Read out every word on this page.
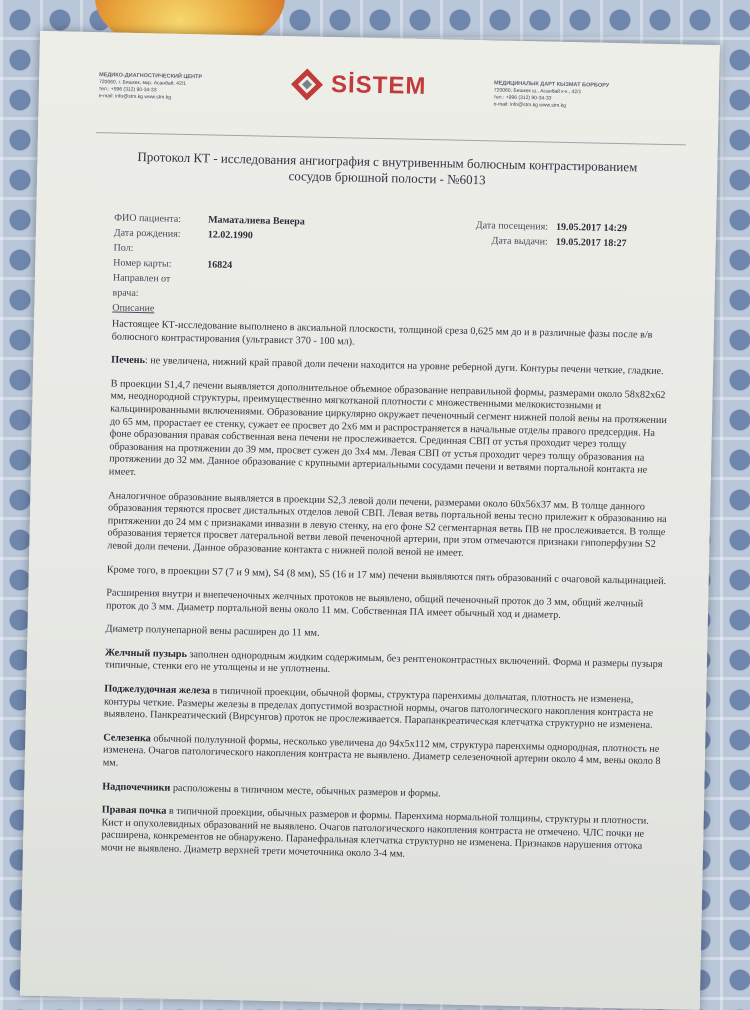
МЕДИКО-ДИАГНОСТИЧЕСКИЙ ЦЕНТР
720060, г. Бишкек, мкр. Асанбай, 42/1
тел.: +996 (312) 90-34-33
e-mail: info@stm.kg www.stm.kg	SİSTEM	МЕДИЦИНАЛЫК ДАРТ КЫЗМАТ БОРБОРУ
720060, Бишкек ш., Асанбай к-к., 42/1
тел.: +996 (312) 90-34-33
e-mail: info@stm.kg www.stm.kg
Протокол КТ - исследования ангиография с внутривенным болюсным контрастированием сосудов брюшной полости - №6013
ФИО пациента:	Маматалиева Венера	Дата посещения: 19.05.2017 14:29
Дата рождения:	12.02.1990	Дата выдачи: 19.05.2017 18:27
Пол:
Номер карты:	16824
Направлен от
врача:
Описание

Настоящее КТ-исследование выполнено в аксиальной плоскости, толщиной среза 0,625 мм до и в различные фазы после в/в болюсного контрастирования (ультравист 370 - 100 мл).

Печень: не увеличена, нижний край правой доли печени находится на уровне реберной дуги. Контуры печени четкие, гладкие.

В проекции S1,4,7 печени выявляется дополнительное объемное образование неправильной формы, размерами около 58х82х62 мм, неоднородной структуры, преимущественно мягкотканой плотности с множественными мелкокистозными и кальцинированными включениями. Образование циркулярно окружает печеночный сегмент нижней полой вены на протяжении до 65 мм, прорастает ее стенку, сужает ее просвет до 2х6 мм и распространяется в начальные отделы правого предсердия. На фоне образования правая собственная вена печени не прослеживается. Срединная СВП от устья проходит через толщу образования на протяжении до 39 мм, просвет сужен до 3х4 мм. Левая СВП от устья проходит через толщу образования на протяжении до 32 мм. Данное образование с крупными артериальными сосудами печени и ветвями портальной контакта не имеет.

Аналогичное образование выявляется в проекции S2,3 левой доли печени, размерами около 60х56х37 мм. В толще данного образования теряются просвет дистальных отделов левой СВП. Левая ветвь портальной вены тесно прилежит к образованию на притяжении до 24 мм с признаками инвазии в левую стенку, на его фоне S2 сегментарная ветвь ПВ не прослеживается. В толще образования теряется просвет латеральной ветви левой печеночной артерии, при этом отмечаются признаки гипоперфузии S2 левой доли печени. Данное образование контакта с нижней полой веной не имеет.

Кроме того, в проекции S7 (7 и 9 мм), S4 (8 мм), S5 (16 и 17 мм) печени выявляются пять образований с очаговой кальцинацией.

Расширения внутри и внепеченочных желчных протоков не выявлено, общий печеночный проток до 3 мм, общий желчный проток до 3 мм. Диаметр портальной вены около 11 мм. Собственная ПА имеет обычный ход и диаметр.

Диаметр полунепарной вены расширен до 11 мм.

Желчный пузырь заполнен однородным жидким содержимым, без рентгеноконтрастных включений. Форма и размеры пузыря типичные, стенки его не утолщены и не уплотнены.

Поджелудочная железа в типичной проекции, обычной формы, структура паренхимы дольчатая, плотность не изменена, контуры четкие. Размеры железы в пределах допустимой возрастной нормы, очагов патологического накопления контраста не выявлено. Панкреатический (Вирсунгов) проток не прослеживается. Парапанкреатическая клетчатка структурно не изменена.

Селезенка обычной полулунной формы, несколько увеличена до 94х5х112 мм, структура паренхимы однородная, плотность не изменена. Очагов патологического накопления контраста не выявлено. Диаметр селезеночной артерии около 4 мм, вены около 8 мм.

Надпочечники расположены в типичном месте, обычных размеров и формы.

Правая почка в типичной проекции, обычных размеров и формы. Паренхима нормальной толщины, структуры и плотности. Кист и опухолевидных образований не выявлено. Очагов патологического накопления контраста не отмечено. ЧЛС почки не расширена, конкрементов не обнаружено. Паранефральная клетчатка структурно не изменена. Признаков нарушения оттока мочи не выявлено. Диаметр верхней трети мочеточника около 3-4 мм.
